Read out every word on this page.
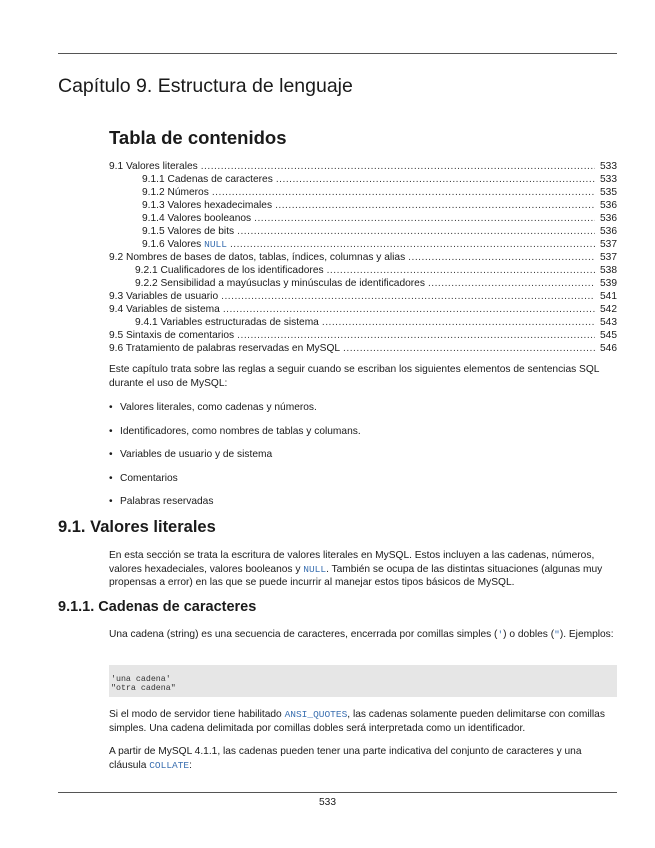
Capítulo 9. Estructura de lenguaje
Tabla de contenidos
9.1 Valores literales .....	533
9.1.1 Cadenas de caracteres .....	533
9.1.2 Números .....	535
9.1.3 Valores hexadecimales .....	536
9.1.4 Valores booleanos .....	536
9.1.5 Valores de bits .....	536
9.1.6 Valores NULL .....	537
9.2 Nombres de bases de datos, tablas, índices, columnas y alias .....	537
9.2.1 Cualificadores de los identificadores .....	538
9.2.2 Sensibilidad a mayúsuclas y minúsculas de identificadores .....	539
9.3 Variables de usuario .....	541
9.4 Variables de sistema .....	542
9.4.1 Variables estructuradas de sistema .....	543
9.5 Sintaxis de comentarios .....	545
9.6 Tratamiento de palabras reservadas en MySQL .....	546

Este capítulo trata sobre las reglas a seguir cuando se escriban los siguientes elementos de sentencias SQL durante el uso de MySQL:

• Valores literales, como cadenas y números.
• Identificadores, como nombres de tablas y columans.
• Variables de usuario y de sistema
• Comentarios
• Palabras reservadas
9.1. Valores literales

En esta sección se trata la escritura de valores literales en MySQL. Estos incluyen a las cadenas, números, valores hexadeciales, valores booleanos y NULL. También se ocupa de las distintas situaciones (algunas muy propensas a error) en las que se puede incurrir al manejar estos tipos básicos de MySQL.

9.1.1. Cadenas de caracteres

Una cadena (string) es una secuencia de caracteres, encerrada por comillas simples (') o dobles ("). Ejemplos:

'una cadena'
"otra cadena"

Si el modo de servidor tiene habilitado ANSI_QUOTES, las cadenas solamente pueden delimitarse con comillas simples. Una cadena delimitada por comillas dobles será interpretada como un identificador.

A partir de MySQL 4.1.1, las cadenas pueden tener una parte indicativa del conjunto de caracteres y una cláusula COLLATE:

533
